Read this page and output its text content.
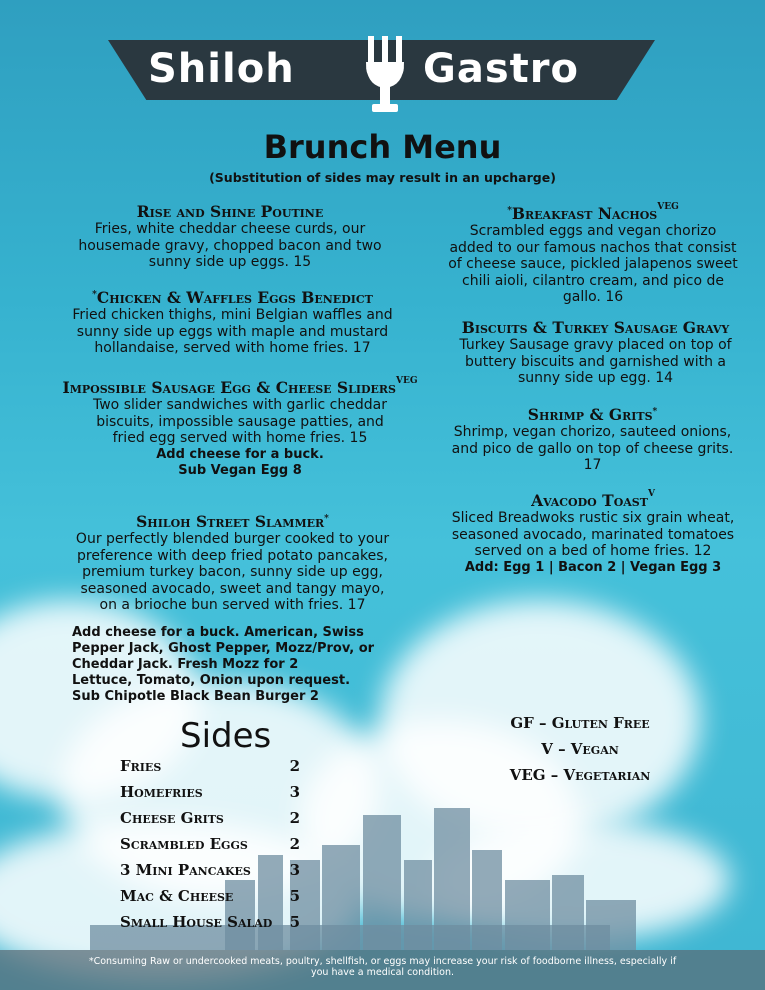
Shiloh	Gastro
Brunch Menu
(Substitution of sides may result in an upcharge)
Rise and Shine Poutine
Fries, white cheddar cheese curds, our housemade gravy, chopped bacon and two sunny side up eggs. 15
*Chicken & Waffles Eggs Benedict
Fried chicken thighs, mini Belgian waffles and sunny side up eggs with maple and mustard hollandaise, served with home fries. 17
Impossible Sausage Egg & Cheese Sliders$^{VEG}$
Two slider sandwiches with garlic cheddar biscuits, impossible sausage patties, and fried egg served with home fries. 15
Add cheese for a buck.
Sub Vegan Egg 8
Shiloh Street Slammer*
Our perfectly blended burger cooked to your preference with deep fried potato pancakes, premium turkey bacon, sunny side up egg, seasoned avocado, sweet and tangy mayo, on a brioche bun served with fries. 17
Add cheese for a buck. American, Swiss
Pepper Jack, Ghost Pepper, Mozz/Prov, or
Cheddar Jack. Fresh Mozz for 2
Lettuce, Tomato, Onion upon request.
Sub Chipotle Black Bean Burger 2
*Breakfast Nachos$^{VEG}$
Scrambled eggs and vegan chorizo added to our famous nachos that consist of cheese sauce, pickled jalapenos sweet chili aioli, cilantro cream, and pico de gallo. 16
Biscuits & Turkey Sausage Gravy
Turkey Sausage gravy placed on top of buttery biscuits and garnished with a sunny side up egg. 14
Shrimp & Grits*
Shrimp, vegan chorizo, sauteed onions, and pico de gallo on top of cheese grits. 17
Avacodo Toast$^V$
Sliced Breadwoks rustic six grain wheat, seasoned avocado, marinated tomatoes served on a bed of home fries. 12
Add: Egg 1 | Bacon 2 | Vegan Egg 3
Sides
Fries	2
Homefries	3
Cheese Grits	2
Scrambled Eggs	2
3 Mini Pancakes	3
Mac & Cheese	5
Small House Salad 5
GF – Gluten Free
V – Vegan
VEG – Vegetarian
*Consuming Raw or undercooked meats, poultry, shellfish, or eggs may increase your risk of foodborne illness, especially if you have a medical condition.
